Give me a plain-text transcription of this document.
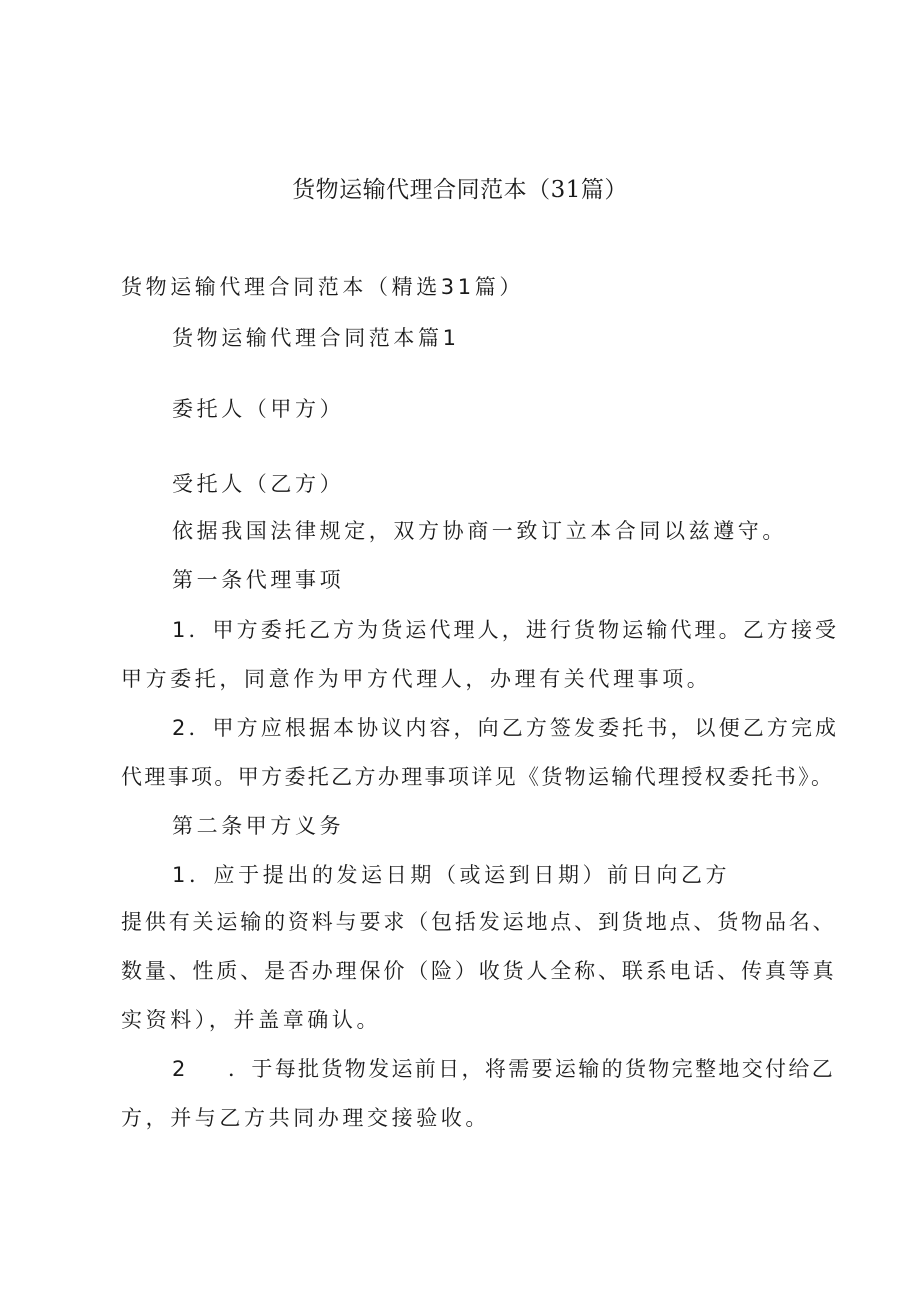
货物运输代理合同范本（31篇）
货物运输代理合同范本（精选31篇）
货物运输代理合同范本篇1
委托人（甲方）
受托人（乙方）
依据我国法律规定，双方协商一致订立本合同以兹遵守。
第一条代理事项
1．甲方委托乙方为货运代理人，进行货物运输代理。乙方接受
甲方委托，同意作为甲方代理人，办理有关代理事项。
2．甲方应根据本协议内容，向乙方签发委托书，以便乙方完成
代理事项。甲方委托乙方办理事项详见《货物运输代理授权委托书》。
第二条甲方义务
1．应于提出的发运日期（或运到日期）前日向乙方
提供有关运输的资料与要求（包括发运地点、到货地点、货物品名、
数量、性质、是否办理保价（险）收货人全称、联系电话、传真等真
实资料），并盖章确认。
2 ．于每批货物发运前日，将需要运输的货物完整地交付给乙
方，并与乙方共同办理交接验收。
